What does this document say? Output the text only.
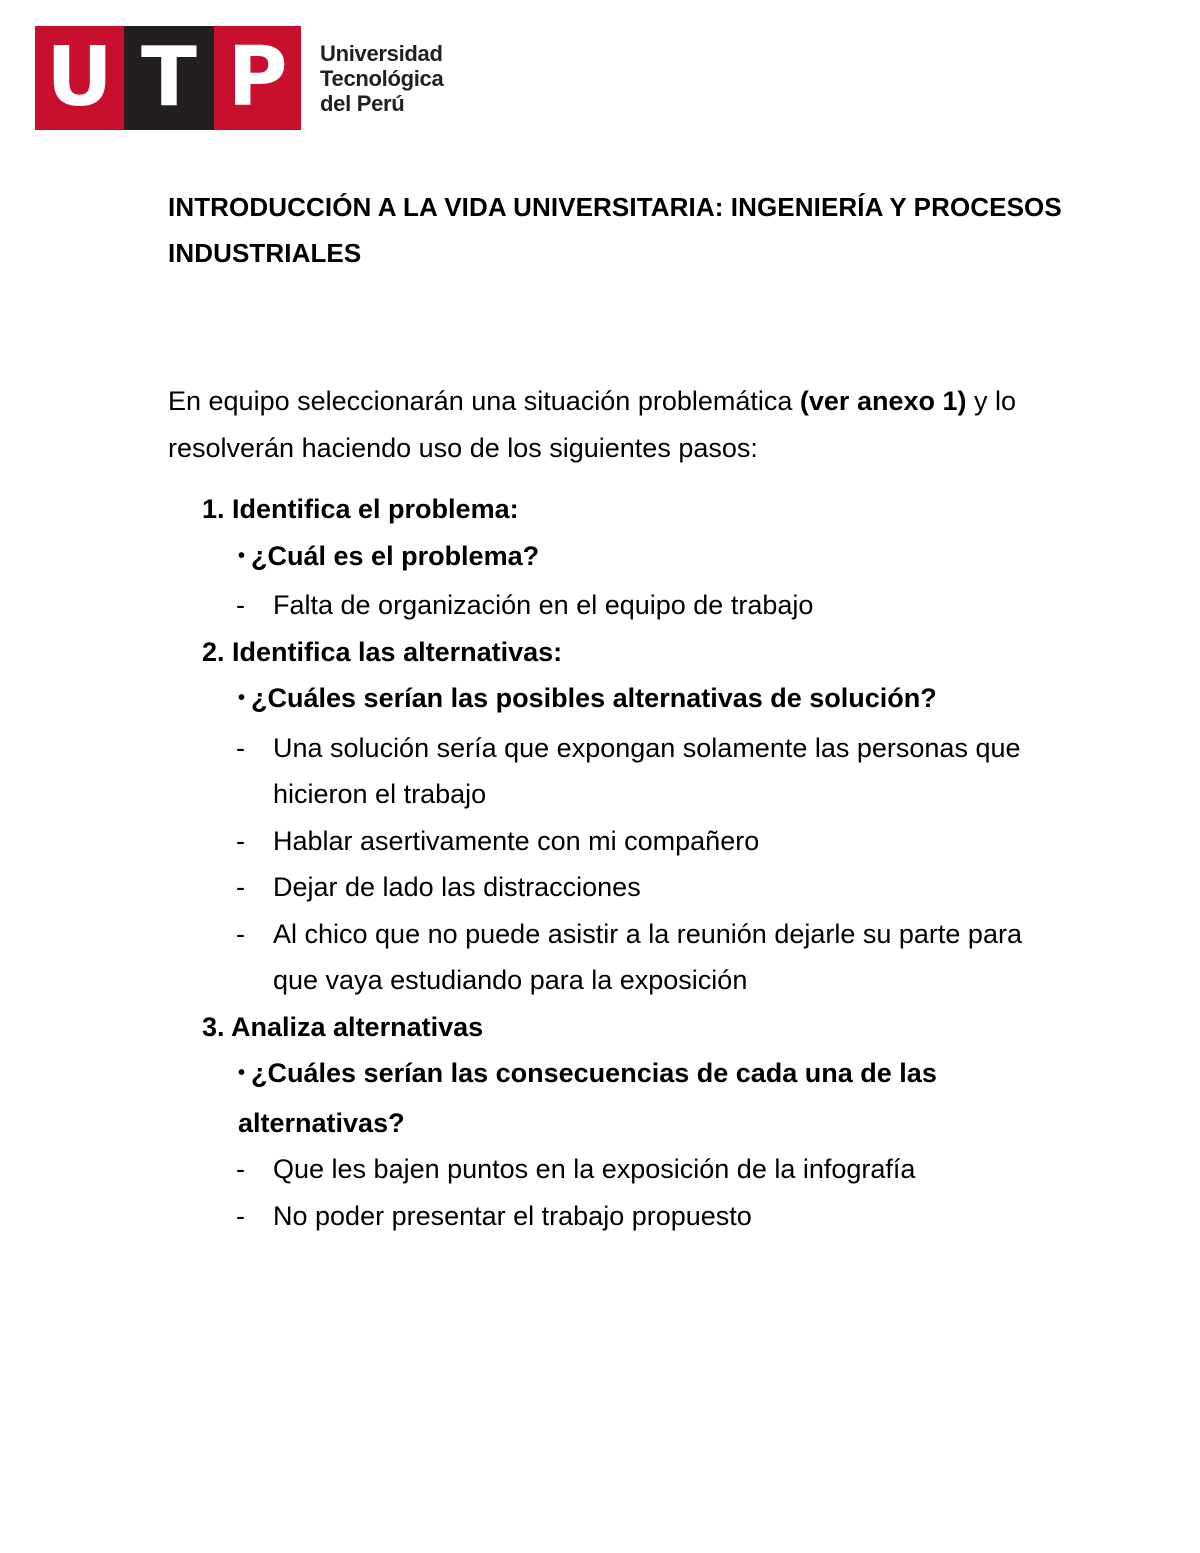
U T P	Universidad
Tecnológica
del Perú
INTRODUCCIÓN A LA VIDA UNIVERSITARIA: INGENIERÍA Y PROCESOS INDUSTRIALES

En equipo seleccionarán una situación problemática (ver anexo 1) y lo resolverán haciendo uso de los siguientes pasos:

1. Identifica el problema:
• ¿Cuál es el problema?
- Falta de organización en el equipo de trabajo
2. Identifica las alternativas:
• ¿Cuáles serían las posibles alternativas de solución?
- Una solución sería que expongan solamente las personas que hicieron el trabajo
- Hablar asertivamente con mi compañero
- Dejar de lado las distracciones
- Al chico que no puede asistir a la reunión dejarle su parte para que vaya estudiando para la exposición
3. Analiza alternativas
• ¿Cuáles serían las consecuencias de cada una de las alternativas?
- Que les bajen puntos en la exposición de la infografía
- No poder presentar el trabajo propuesto
